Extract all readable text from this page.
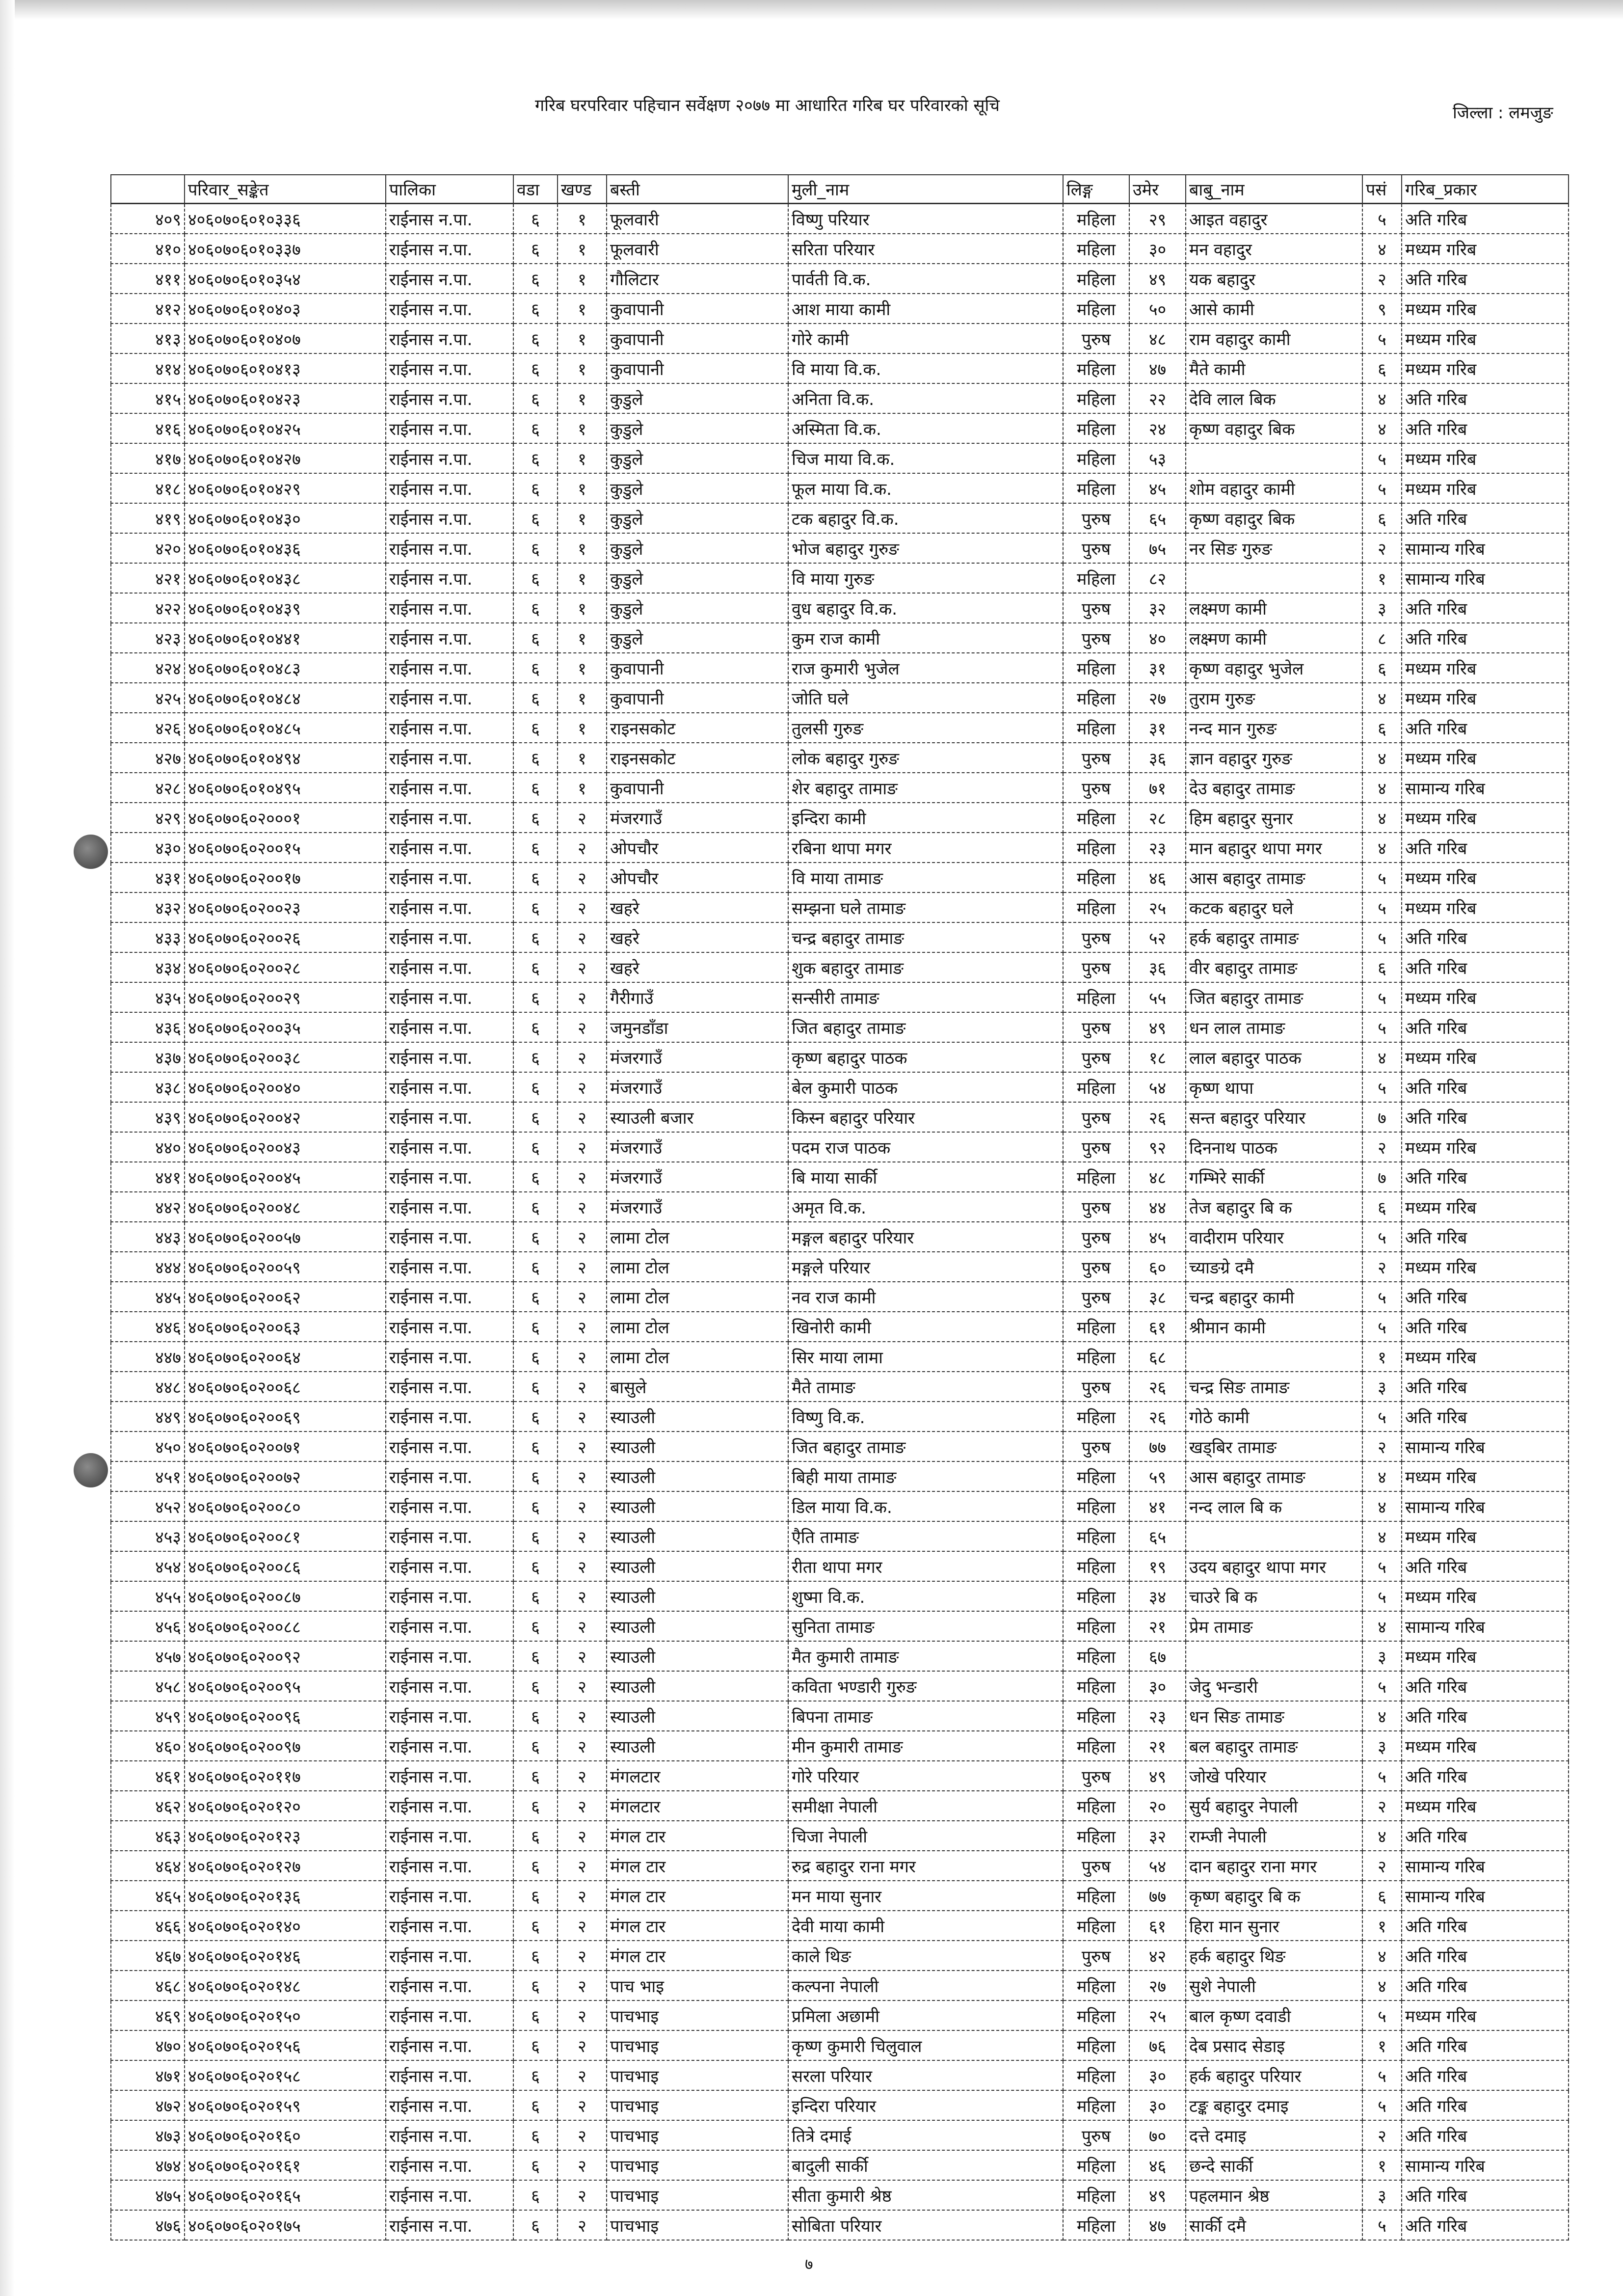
गरिब घरपरिवार पहिचान सर्वेक्षण २०७७ मा आधारित गरिब घर परिवारको सूचि	जिल्ला : लमजुङ
	परिवार_सङ्केत	पालिका	वडा	खण्ड	बस्ती	मुली_नाम	लिङ्ग	उमेर	बाबु_नाम	पसं	गरिब_प्रकार
४०९	४०६०७०६०१०३३६	राईनास न.पा.	६	१	फूलवारी	विष्णु परियार	महिला	२९	आइत वहादुर	५	अति गरिब
४१०	४०६०७०६०१०३३७	राईनास न.पा.	६	१	फूलवारी	सरिता परियार	महिला	३०	मन वहादुर	४	मध्यम गरिब
४११	४०६०७०६०१०३५४	राईनास न.पा.	६	१	गौलिटार	पार्वती वि.क.	महिला	४९	यक बहादुर	२	अति गरिब
४१२	४०६०७०६०१०४०३	राईनास न.पा.	६	१	कुवापानी	आश माया कामी	महिला	५०	आसे कामी	९	मध्यम गरिब
४१३	४०६०७०६०१०४०७	राईनास न.पा.	६	१	कुवापानी	गोरे कामी	पुरुष	४८	राम वहादुर कामी	५	मध्यम गरिब
४१४	४०६०७०६०१०४१३	राईनास न.पा.	६	१	कुवापानी	वि माया वि.क.	महिला	४७	मैते कामी	६	मध्यम गरिब
४१५	४०६०७०६०१०४२३	राईनास न.पा.	६	१	कुडुले	अनिता वि.क.	महिला	२२	देवि लाल बिक	४	अति गरिब
४१६	४०६०७०६०१०४२५	राईनास न.पा.	६	१	कुडुले	अस्मिता वि.क.	महिला	२४	कृष्ण वहादुर बिक	४	अति गरिब
४१७	४०६०७०६०१०४२७	राईनास न.पा.	६	१	कुडुले	चिज माया वि.क.	महिला	५३		५	मध्यम गरिब
४१८	४०६०७०६०१०४२९	राईनास न.पा.	६	१	कुडुले	फूल माया वि.क.	महिला	४५	शोम वहादुर कामी	५	मध्यम गरिब
४१९	४०६०७०६०१०४३०	राईनास न.पा.	६	१	कुडुले	टक बहादुर वि.क.	पुरुष	६५	कृष्ण वहादुर बिक	६	अति गरिब
४२०	४०६०७०६०१०४३६	राईनास न.पा.	६	१	कुडुले	भोज बहादुर गुरुङ	पुरुष	७५	नर सिङ गुरुङ	२	सामान्य गरिब
४२१	४०६०७०६०१०४३८	राईनास न.पा.	६	१	कुडुले	वि माया गुरुङ	महिला	८२		१	सामान्य गरिब
४२२	४०६०७०६०१०४३९	राईनास न.पा.	६	१	कुडुले	वुध बहादुर वि.क.	पुरुष	३२	लक्ष्मण कामी	३	अति गरिब
४२३	४०६०७०६०१०४४१	राईनास न.पा.	६	१	कुडुले	कुम राज कामी	पुरुष	४०	लक्ष्मण कामी	८	अति गरिब
४२४	४०६०७०६०१०४८३	राईनास न.पा.	६	१	कुवापानी	राज कुमारी भुजेल	महिला	३१	कृष्ण वहादुर भुजेल	६	मध्यम गरिब
४२५	४०६०७०६०१०४८४	राईनास न.पा.	६	१	कुवापानी	जोति घले	महिला	२७	तुराम गुरुङ	४	मध्यम गरिब
४२६	४०६०७०६०१०४८५	राईनास न.पा.	६	१	राइनसकोट	तुलसी गुरुङ	महिला	३१	नन्द मान गुरुङ	६	अति गरिब
४२७	४०६०७०६०१०४९४	राईनास न.पा.	६	१	राइनसकोट	लोक बहादुर गुरुङ	पुरुष	३६	ज्ञान वहादुर गुरुङ	४	मध्यम गरिब
४२८	४०६०७०६०१०४९५	राईनास न.पा.	६	१	कुवापानी	शेर बहादुर तामाङ	पुरुष	७१	देउ बहादुर तामाङ	४	सामान्य गरिब
४२९	४०६०७०६०२०००१	राईनास न.पा.	६	२	मंजरगाउँ	इन्दिरा कामी	महिला	२८	हिम बहादुर सुनार	४	मध्यम गरिब
४३०	४०६०७०६०२००१५	राईनास न.पा.	६	२	ओपचौर	रबिना थापा मगर	महिला	२३	मान बहादुर थापा मगर	४	अति गरिब
४३१	४०६०७०६०२००१७	राईनास न.पा.	६	२	ओपचौर	वि माया तामाङ	महिला	४६	आस बहादुर तामाङ	५	मध्यम गरिब
४३२	४०६०७०६०२००२३	राईनास न.पा.	६	२	खहरे	सम्झना घले तामाङ	महिला	२५	कटक बहादुर घले	५	मध्यम गरिब
४३३	४०६०७०६०२००२६	राईनास न.पा.	६	२	खहरे	चन्द्र बहादुर तामाङ	पुरुष	५२	हर्क बहादुर तामाङ	५	अति गरिब
४३४	४०६०७०६०२००२८	राईनास न.पा.	६	२	खहरे	शुक बहादुर तामाङ	पुरुष	३६	वीर बहादुर तामाङ	६	अति गरिब
४३५	४०६०७०६०२००२९	राईनास न.पा.	६	२	गैरीगाउँ	सन्सीरी तामाङ	महिला	५५	जित बहादुर तामाङ	५	मध्यम गरिब
४३६	४०६०७०६०२००३५	राईनास न.पा.	६	२	जमुनडाँडा	जित बहादुर तामाङ	पुरुष	४९	धन लाल तामाङ	५	अति गरिब
४३७	४०६०७०६०२००३८	राईनास न.पा.	६	२	मंजरगाउँ	कृष्ण बहादुर पाठक	पुरुष	१८	लाल बहादुर पाठक	४	मध्यम गरिब
४३८	४०६०७०६०२००४०	राईनास न.पा.	६	२	मंजरगाउँ	बेल कुमारी पाठक	महिला	५४	कृष्ण थापा	५	अति गरिब
४३९	४०६०७०६०२००४२	राईनास न.पा.	६	२	स्याउली बजार	किस्न बहादुर परियार	पुरुष	२६	सन्त बहादुर परियार	७	अति गरिब
४४०	४०६०७०६०२००४३	राईनास न.पा.	६	२	मंजरगाउँ	पदम राज पाठक	पुरुष	९२	दिननाथ पाठक	२	मध्यम गरिब
४४१	४०६०७०६०२००४५	राईनास न.पा.	६	२	मंजरगाउँ	बि माया सार्की	महिला	४८	गम्भिरे सार्की	७	अति गरिब
४४२	४०६०७०६०२००४८	राईनास न.पा.	६	२	मंजरगाउँ	अमृत वि.क.	पुरुष	४४	तेज बहादुर बि क	६	मध्यम गरिब
४४३	४०६०७०६०२००५७	राईनास न.पा.	६	२	लामा टोल	मङ्गल बहादुर परियार	पुरुष	४५	वादीराम परियार	५	अति गरिब
४४४	४०६०७०६०२००५९	राईनास न.पा.	६	२	लामा टोल	मङ्गले परियार	पुरुष	६०	च्याङग्रे दमै	२	मध्यम गरिब
४४५	४०६०७०६०२००६२	राईनास न.पा.	६	२	लामा टोल	नव राज कामी	पुरुष	३८	चन्द्र बहादुर कामी	५	अति गरिब
४४६	४०६०७०६०२००६३	राईनास न.पा.	६	२	लामा टोल	खिनोरी कामी	महिला	६१	श्रीमान कामी	५	अति गरिब
४४७	४०६०७०६०२००६४	राईनास न.पा.	६	२	लामा टोल	सिर माया लामा	महिला	६८		१	मध्यम गरिब
४४८	४०६०७०६०२००६८	राईनास न.पा.	६	२	बासुले	मैते तामाङ	पुरुष	२६	चन्द्र सिङ तामाङ	३	अति गरिब
४४९	४०६०७०६०२००६९	राईनास न.पा.	६	२	स्याउली	विष्णु वि.क.	महिला	२६	गोठे कामी	५	अति गरिब
४५०	४०६०७०६०२००७१	राईनास न.पा.	६	२	स्याउली	जित बहादुर तामाङ	पुरुष	७७	खड्बिर तामाङ	२	सामान्य गरिब
४५१	४०६०७०६०२००७२	राईनास न.पा.	६	२	स्याउली	बिही माया तामाङ	महिला	५९	आस बहादुर तामाङ	४	मध्यम गरिब
४५२	४०६०७०६०२००८०	राईनास न.पा.	६	२	स्याउली	डिल माया वि.क.	महिला	४१	नन्द लाल बि क	४	सामान्य गरिब
४५३	४०६०७०६०२००८१	राईनास न.पा.	६	२	स्याउली	एैति तामाङ	महिला	६५		४	मध्यम गरिब
४५४	४०६०७०६०२००८६	राईनास न.पा.	६	२	स्याउली	रीता थापा मगर	महिला	१९	उदय बहादुर थापा मगर	५	अति गरिब
४५५	४०६०७०६०२००८७	राईनास न.पा.	६	२	स्याउली	शुष्मा वि.क.	महिला	३४	चाउरे बि क	५	मध्यम गरिब
४५६	४०६०७०६०२००८८	राईनास न.पा.	६	२	स्याउली	सुनिता तामाङ	महिला	२१	प्रेम तामाङ	४	सामान्य गरिब
४५७	४०६०७०६०२००९२	राईनास न.पा.	६	२	स्याउली	मैत कुमारी तामाङ	महिला	६७		३	मध्यम गरिब
४५८	४०६०७०६०२००९५	राईनास न.पा.	६	२	स्याउली	कविता भण्डारी गुरुङ	महिला	३०	जेदु भन्डारी	५	अति गरिब
४५९	४०६०७०६०२००९६	राईनास न.पा.	६	२	स्याउली	बिपना तामाङ	महिला	२३	धन सिङ तामाङ	४	अति गरिब
४६०	४०६०७०६०२००९७	राईनास न.पा.	६	२	स्याउली	मीन कुमारी तामाङ	महिला	२१	बल बहादुर तामाङ	३	मध्यम गरिब
४६१	४०६०७०६०२०११७	राईनास न.पा.	६	२	मंगलटार	गोरे परियार	पुरुष	४९	जोखे परियार	५	अति गरिब
४६२	४०६०७०६०२०१२०	राईनास न.पा.	६	२	मंगलटार	समीक्षा नेपाली	महिला	२०	सुर्य बहादुर नेपाली	२	मध्यम गरिब
४६३	४०६०७०६०२०१२३	राईनास न.पा.	६	२	मंगल टार	चिजा नेपाली	महिला	३२	राम्जी नेपाली	४	अति गरिब
४६४	४०६०७०६०२०१२७	राईनास न.पा.	६	२	मंगल टार	रुद्र बहादुर राना मगर	पुरुष	५४	दान बहादुर राना मगर	२	सामान्य गरिब
४६५	४०६०७०६०२०१३६	राईनास न.पा.	६	२	मंगल टार	मन माया सुनार	महिला	७७	कृष्ण बहादुर बि क	६	सामान्य गरिब
४६६	४०६०७०६०२०१४०	राईनास न.पा.	६	२	मंगल टार	देवी माया कामी	महिला	६१	हिरा मान सुनार	१	अति गरिब
४६७	४०६०७०६०२०१४६	राईनास न.पा.	६	२	मंगल टार	काले थिङ	पुरुष	४२	हर्क बहादुर थिङ	४	अति गरिब
४६८	४०६०७०६०२०१४८	राईनास न.पा.	६	२	पाच भाइ	कल्पना नेपाली	महिला	२७	सुशे नेपाली	४	अति गरिब
४६९	४०६०७०६०२०१५०	राईनास न.पा.	६	२	पाचभाइ	प्रमिला अछामी	महिला	२५	बाल कृष्ण दवाडी	५	मध्यम गरिब
४७०	४०६०७०६०२०१५६	राईनास न.पा.	६	२	पाचभाइ	कृष्ण कुमारी चिलुवाल	महिला	७६	देब प्रसाद सेडाइ	१	अति गरिब
४७१	४०६०७०६०२०१५८	राईनास न.पा.	६	२	पाचभाइ	सरला परियार	महिला	३०	हर्क बहादुर परियार	५	अति गरिब
४७२	४०६०७०६०२०१५९	राईनास न.पा.	६	२	पाचभाइ	इन्दिरा परियार	महिला	३०	टङ्क बहादुर दमाइ	५	अति गरिब
४७३	४०६०७०६०२०१६०	राईनास न.पा.	६	२	पाचभाइ	तित्रे दमाई	पुरुष	७०	दत्ते दमाइ	२	अति गरिब
४७४	४०६०७०६०२०१६१	राईनास न.पा.	६	२	पाचभाइ	बादुली सार्की	महिला	४६	छन्दे सार्की	१	सामान्य गरिब
४७५	४०६०७०६०२०१६५	राईनास न.पा.	६	२	पाचभाइ	सीता कुमारी श्रेष्ठ	महिला	४९	पहलमान श्रेष्ठ	३	अति गरिब
४७६	४०६०७०६०२०१७५	राईनास न.पा.	६	२	पाचभाइ	सोबिता परियार	महिला	४७	सार्की दमै	५	अति गरिब
७
